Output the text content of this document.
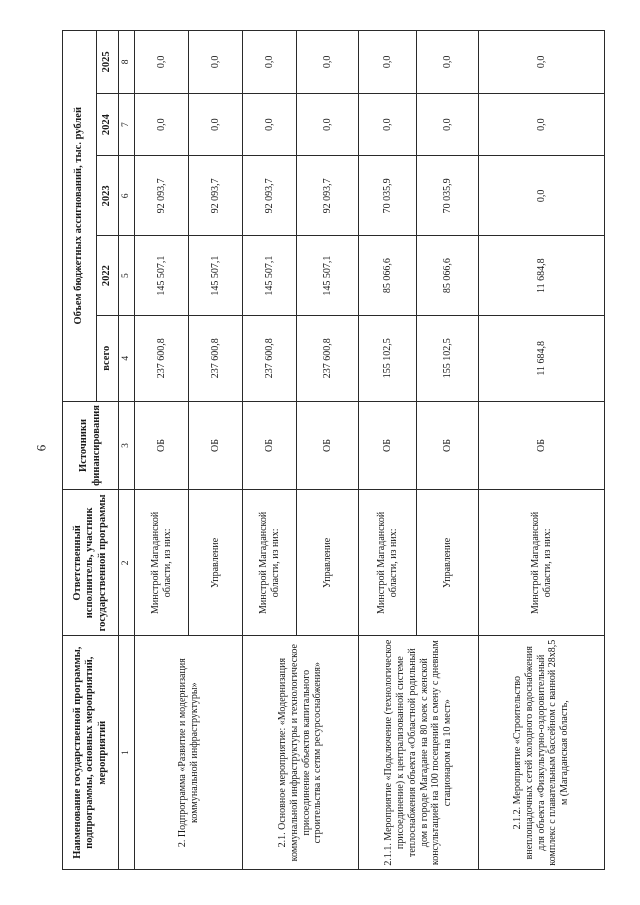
6
Наименование государственной программы, подпрограммы, основных мероприятий, мероприятий	Ответственный исполнитель, участник государственной программы	Источники финансирования	Объем бюджетных ассигнований, тыс. рублей				
			всего	2022	2023	2024	2025

1	2	3	4	5	6	7	8
2. Подпрограмма «Развитие и модернизация коммунальной инфраструктуры»	Минстрой Магаданской области, из них:	ОБ	237 600,8	145 507,1	92 093,7	0,0	0,0
	Управление	ОБ	237 600,8	145 507,1	92 093,7	0,0	0,0
2.1. Основное мероприятие: «Модернизация коммунальной инфраструктуры и технологическое присоединение объектов капитального строительства к сетям ресурсоснабжения»	Минстрой Магаданской области, из них:	ОБ	237 600,8	145 507,1	92 093,7	0,0	0,0
	Управление	ОБ	237 600,8	145 507,1	92 093,7	0,0	0,0
2.1.1. Мероприятие «Подключение (технологическое присоединение) к централизованной системе теплоснабжения объекта «Областной родильный дом в городе Магадане на 80 коек с женской консультацией на 100 посещений в смену с дневным стационаром на 10 мест»	Минстрой Магаданской области, из них:	ОБ	155 102,5	85 066,6	70 035,9	0,0	0,0
	Управление	ОБ	155 102,5	85 066,6	70 035,9	0,0	0,0
2.1.2. Мероприятие «Строительство внеплощадочных сетей холодного водоснабжения для объекта «Физкультурно-оздоровительный комплекс с плавательным бассейном с ванной 28х8,5 м (Магаданская область,	Минстрой Магаданской области, из них:	ОБ	11 684,8	11 684,8	0,0	0,0	0,0
